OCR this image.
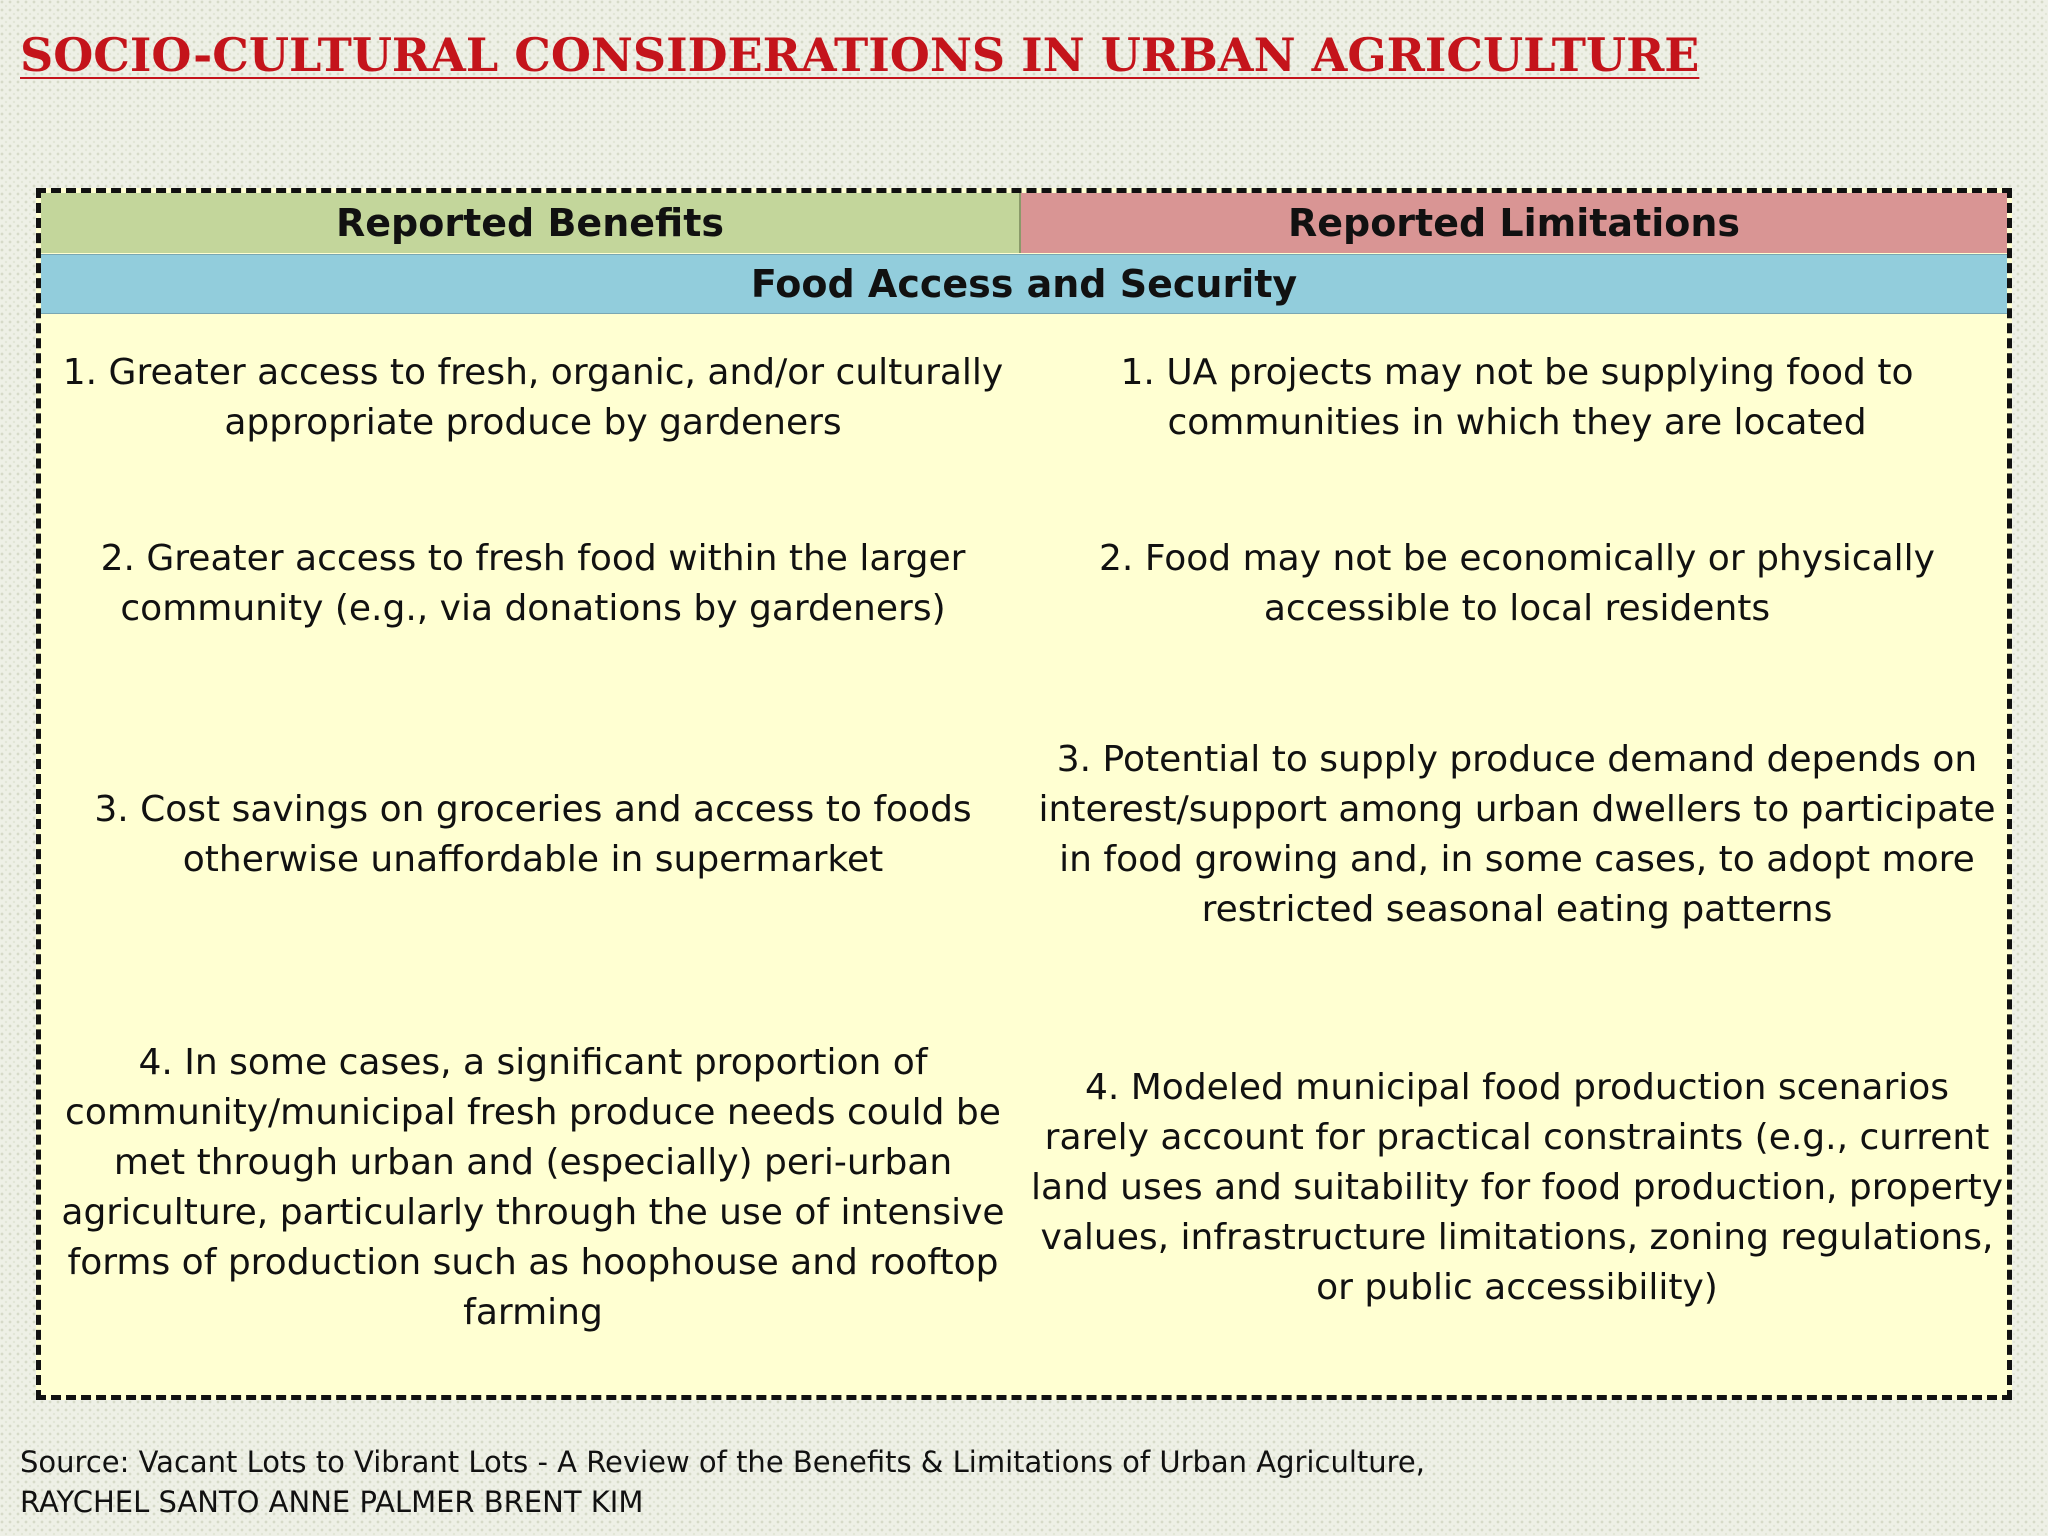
SOCIO-CULTURAL CONSIDERATIONS IN URBAN AGRICULTURE
Reported Benefits	Reported Limitations
Food Access and Security
1. Greater access to fresh, organic, and/or culturally appropriate produce by gardeners
2. Greater access to fresh food within the larger community (e.g., via donations by gardeners)
3. Cost savings on groceries and access to foods otherwise unaffordable in supermarket
4. In some cases, a significant proportion of community/municipal fresh produce needs could be met through urban and (especially) peri-urban agriculture, particularly through the use of intensive forms of production such as hoophouse and rooftop farming
1. UA projects may not be supplying food to communities in which they are located
2. Food may not be economically or physically accessible to local residents
3. Potential to supply produce demand depends on interest/support among urban dwellers to participate in food growing and, in some cases, to adopt more restricted seasonal eating patterns
4. Modeled municipal food production scenarios rarely account for practical constraints (e.g., current land uses and suitability for food production, property values, infrastructure limitations, zoning regulations, or public accessibility)
Source: Vacant Lots to Vibrant Lots - A Review of the Benefits & Limitations of Urban Agriculture,
RAYCHEL SANTO ANNE PALMER BRENT KIM
